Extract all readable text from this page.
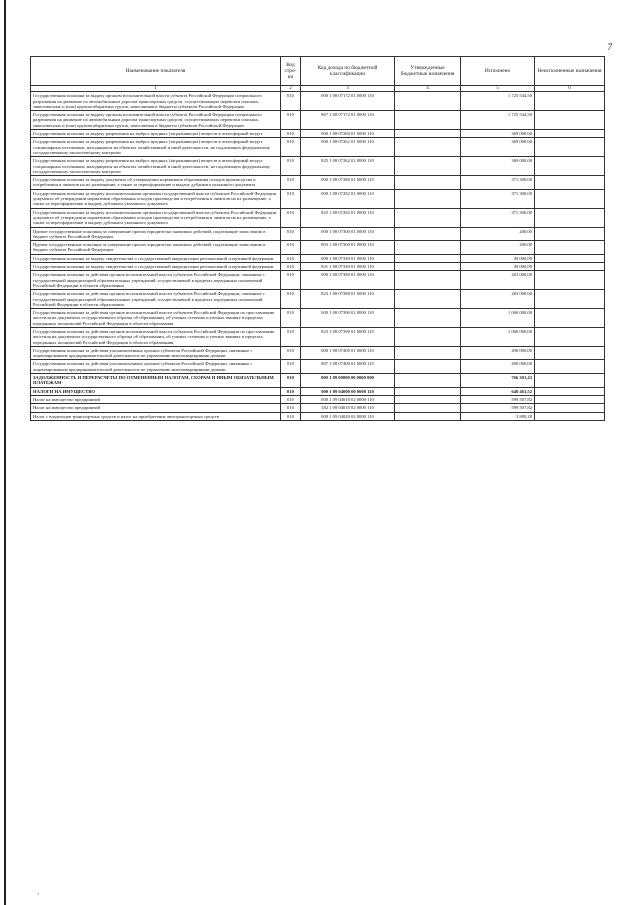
7
Наименование показателя	Код стро-ки	Код дохода по бюджетной классификации	Утвержденные бюджетные назначения	Исполнено	Неисполненные назначения
1	2	3	4	5	6
Государственная пошлина за выдачу органом исполнительной власти субъекта Российской Федерации специального разрешения на движение по автомобильным дорогам транспортных средств, осуществляющих перевозки опасных, тяжеловесных и (или) крупногабаритных грузов, зачисляемая в бюджеты субъектов Российской Федерации	010	000 1 08 07172 01 0000 110		1 725 544,50	
Государственная пошлина за выдачу органом исполнительной власти субъекта Российской Федерации специального разрешения на движение по автомобильным дорогам транспортных средств, осуществляющих перевозки опасных, тяжеловесных и (или) крупногабаритных грузов, зачисляемая в бюджеты субъектов Российской Федерации	010	867 1 08 07172 01 0000 110		1 725 544,50	
Государственная пошлина за выдачу разрешения на выброс вредных (загрязняющих) веществ в атмосферный воздух	010	000 1 08 07260 01 0000 110		369 000,00	
Государственная пошлина за выдачу разрешения на выброс вредных (загрязняющих) веществ в атмосферный воздух стационарных источников, находящихся на объектах хозяйственной и иной деятельности, не подлежащих федеральному государственному экологическому контролю	010	000 1 08 07262 01 0000 110		369 000,00	
Государственная пошлина за выдачу разрешения на выброс вредных (загрязняющих) веществ в атмосферный воздух стационарных источников, находящихся на объектах хозяйственной и иной деятельности, не подлежащих федеральному государственному экологическому контролю	010	825 1 08 07262 01 0000 110		369 000,00	
Государственная пошлина за выдачу документа об утверждении нормативов образования отходов производства и потребления и лимитов на их размещение, а также за переоформление и выдачу дубликата указанного документа	010	000 1 08 07280 01 0000 110		371 300,00	
Государственная пошлина за выдачу исполнительными органами государственной власти субъектов Российской Федерации документа об утверждении нормативов образования отходов производства и потребления и лимитов на их размещение, а также за переоформление и выдачу дубликата указанного документа	010	000 1 08 07282 01 0000 110		371 300,00	
Государственная пошлина за выдачу исполнительными органами государственной власти субъектов Российской Федерации документа об утверждении нормативов образования отходов производства и потребления и лимитов на их размещение, а также за переоформление и выдачу дубликата указанного документа	010	825 1 08 07282 01 0000 110		371 300,00	
Прочие государственные пошлины за совершение прочих юридически значимых действий, подлежащие зачислению в бюджет субъекта Российской Федерации	010	000 1 08 07300 01 0000 110		200,00	
Прочие государственные пошлины за совершение прочих юридически значимых действий, подлежащие зачислению в бюджет субъекта Российской Федерации	010	803 1 08 07300 01 0000 110		200,00	
Государственная пошлина за выдачу свидетельства о государственной аккредитации региональной спортивной федерации	010	000 1 08 07340 01 0000 110		49 000,00	
Государственная пошлина за выдачу свидетельства о государственной аккредитации региональной спортивной федерации	010	831 1 08 07340 01 0000 110		49 000,00	
Государственная пошлина за действия органов исполнительной власти субъектов Российской Федерации, связанные с государственной аккредитацией образовательных учреждений, осуществляемой в пределах переданных полномочий Российской Федерации в области образования	010	000 1 08 07380 01 0000 110		263 000,00	
Государственная пошлина за действия органов исполнительной власти субъектов Российской Федерации, связанные с государственной аккредитацией образовательных учреждений, осуществляемой в пределах переданных полномочий Российской Федерации в области образования	010	823 1 08 07380 01 0000 110		263 000,00	
Государственная пошлина за действия органов исполнительной власти субъектов Российской Федерации по проставлению апостиля на документах государственного образца об образовании, об ученых степенях и ученых званиях в пределах переданных полномочий Российской Федерации в области образования	010	000 1 08 07390 01 0000 110		1 060 000,00	
Государственная пошлина за действия органов исполнительной власти субъектов Российской Федерации по проставлению апостиля на документах государственного образца об образовании, об ученых степенях и ученых званиях в пределах переданных полномочий Российской Федерации в области образования	010	823 1 08 07390 01 0000 110		1 060 000,00	
Государственная пошлина за действия уполномоченных органов субъектов Российской Федерации, связанные с лицензированием предпринимательской деятельности по управлению многоквартирными домами	010	000 1 08 07400 01 0000 110		490 000,00	
Государственная пошлина за действия уполномоченных органов субъектов Российской Федерации, связанные с лицензированием предпринимательской деятельности по управлению многоквартирными домами	010	807 1 08 07400 01 0000 110		490 000,00	
ЗАДОЛЖЕННОСТЬ И ПЕРЕРАСЧЕТЫ ПО ОТМЕНЕННЫМ НАЛОГАМ, СБОРАМ И ИНЫМ ОБЯЗАТЕЛЬНЫМ ПЛАТЕЖАМ	010	000 1 09 00000 00 0000 000		766 301,43	
НАЛОГИ НА ИМУЩЕСТВО	010	000 1 09 04000 00 0000 110		648 463,52	
Налог на имущество предприятий	010	000 1 09 04010 02 0000 110		599 507,82	
Налог на имущество предприятий	010	182 1 09 04010 02 0000 110		599 507,82	
Налог с владельцев транспортных средств и налог на приобретение автотранспортных средств	010	000 1 09 04020 02 0000 110		3 889,28	
’
